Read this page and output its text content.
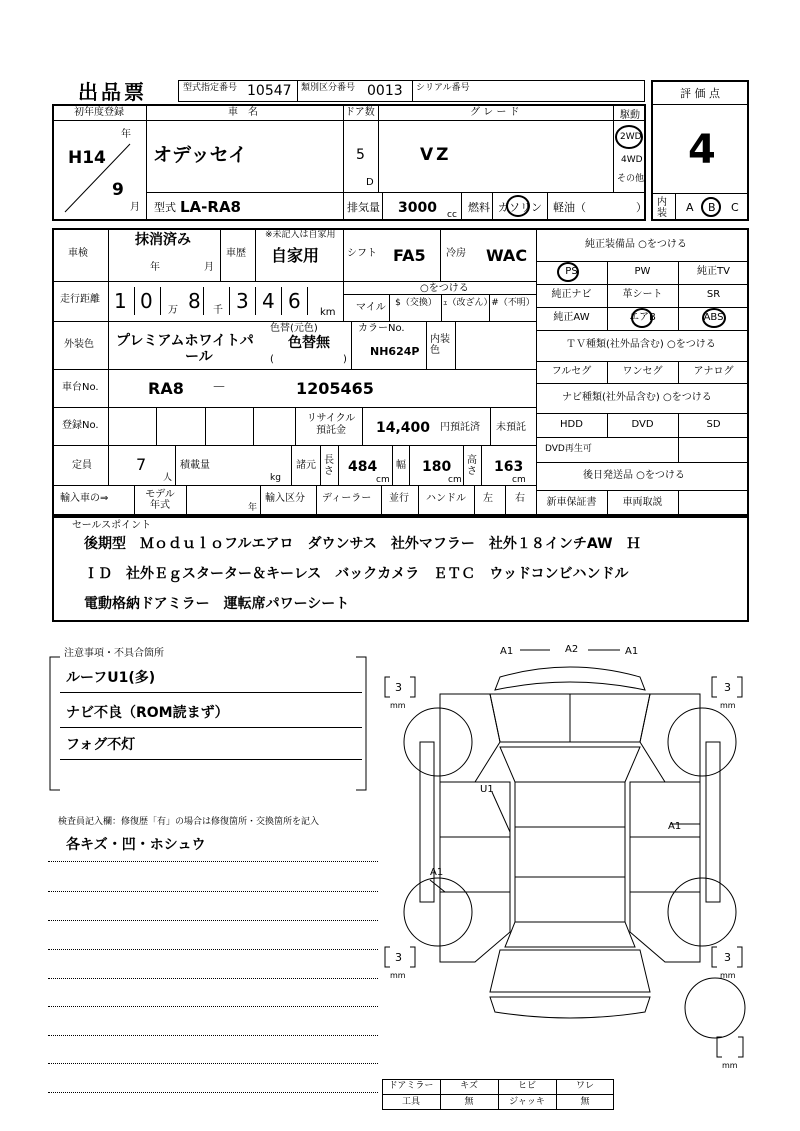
出品票	型式指定番号 10547 類別区分番号 0013 シリアル番号	評 価 点
4
内装	A B C
初年度登録
年
H14
9
月
車　名
オデッセイ
ドア数
5
D
グ レ ー ド
VZ
駆動
2WD
4WD
その他
型式 LA-RA8	排気量 3000 cc
燃料 ガソリン 軽油（	）
車検
抹消済み
年	月
車歴
※未記入は自家用
自家用	シフト FA5 冷房 WAC
走行距離 1 0 万 8 千 3 4 6 km
○をつける
マイル	$（交換） ｪ（改ざん）
#（不明）
外装色 プレミアムホワイトパ
ール
色替(元色)
色替無
(	)
カラーNo.
NH624P
内装色
車台No.	RA8 －	1205465
登録No.
リサイクル預託金	14,400 円預託済 未預託
定員	7
人
積載量
kg
諸元 長さ 484
cm
幅 180
cm
高さ 163
cm
輸入車の⇒	モデル年式	年
輸入区分 ディーラー 並行 ハンドル 左 右
純正装備品 ○をつける
PS	PW	純正TV
純正ナビ	革シート	SR
純正AW	エアB	ABS
ＴＶ種類(社外品含む) ○をつける
フルセグ	ワンセグ	アナログ
ナビ種類(社外品含む) ○をつける
HDD	DVD	SD
DVD再生可
後日発送品 ○をつける
新車保証書	車両取説
セールスポイント
後期型　Ｍｏｄｕｌｏフルエアロ　ダウンサス　社外マフラー　社外１８インチAW　Ｈ
ＩＤ　社外Ｅｇスターター＆キーレス　バックカメラ　ＥＴＣ　ウッドコンビハンドル
電動格納ドアミラー　運転席パワーシート
注意事項・不具合箇所
ルーフU1(多)
ナビ不良（ROM読まず）
フォグ不灯
検査員記入欄：修復歴「有」の場合は修復箇所・交換箇所を記入
各キズ・凹・ホシュウ
ドアミラー	キズ	ヒビ	ワレ
工具	無	ジャッキ	無
A1	A2	A1
U1
A1
A1
3
mm
3
mm
3
mm
3
mm
mm
